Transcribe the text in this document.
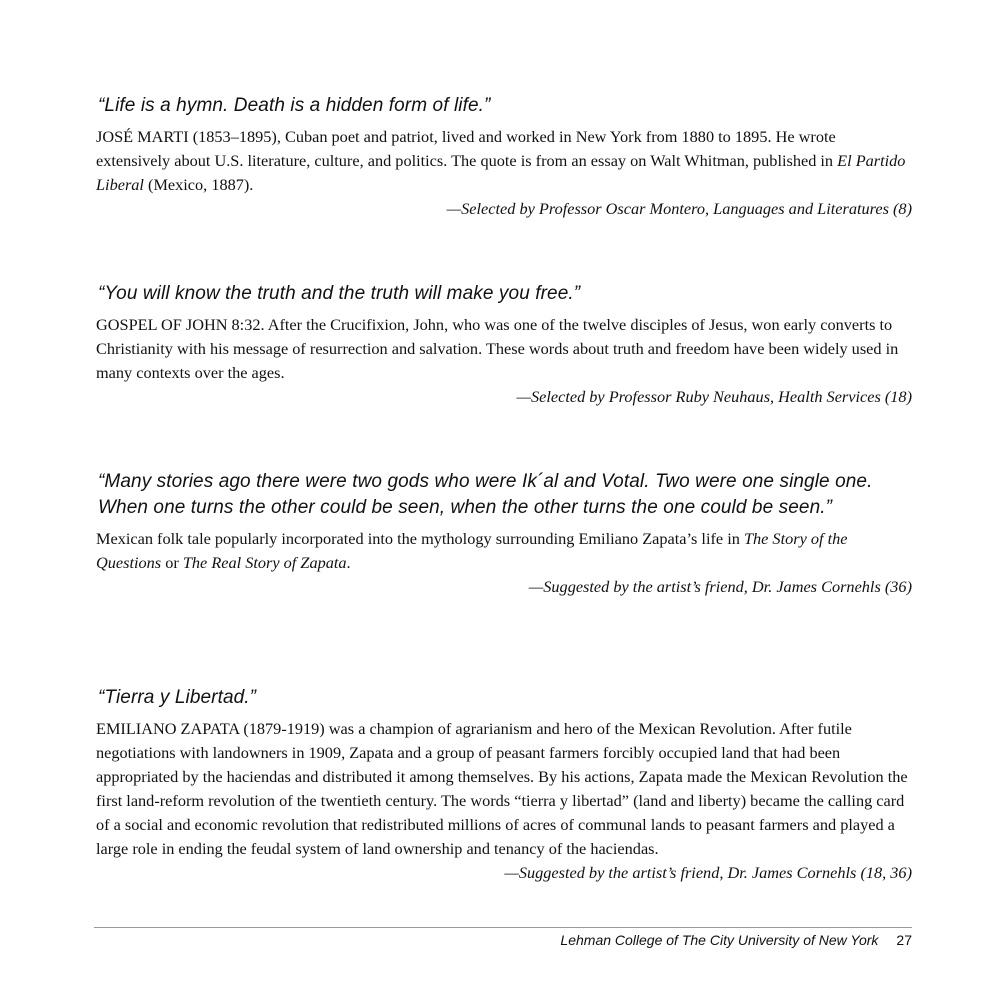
“Life is a hymn. Death is a hidden form of life.”

JOSÉ MARTI (1853–1895), Cuban poet and patriot, lived and worked in New York from 1880 to 1895. He wrote extensively about U.S. literature, culture, and politics. The quote is from an essay on Walt Whitman, published in El Partido Liberal (Mexico, 1887).

—Selected by Professor Oscar Montero, Languages and Literatures (8)

“You will know the truth and the truth will make you free.”

GOSPEL OF JOHN 8:32. After the Crucifixion, John, who was one of the twelve disciples of Jesus, won early converts to Christianity with his message of resurrection and salvation. These words about truth and freedom have been widely used in many contexts over the ages.

—Selected by Professor Ruby Neuhaus, Health Services (18)

“Many stories ago there were two gods who were Ik´al and Votal. Two were one single one. When one turns the other could be seen, when the other turns the one could be seen.”

Mexican folk tale popularly incorporated into the mythology surrounding Emiliano Zapata’s life in The Story of the Questions or The Real Story of Zapata.

—Suggested by the artist’s friend, Dr. James Cornehls (36)

“Tierra y Libertad.”

EMILIANO ZAPATA (1879-1919) was a champion of agrarianism and hero of the Mexican Revolution. After futile negotiations with landowners in 1909, Zapata and a group of peasant farmers forcibly occupied land that had been appropriated by the haciendas and distributed it among themselves. By his actions, Zapata made the Mexican Revolution the first land-reform revolution of the twentieth century. The words “tierra y libertad” (land and liberty) became the calling card of a social and economic revolution that redistributed millions of acres of communal lands to peasant farmers and played a large role in ending the feudal system of land ownership and tenancy of the haciendas.

—Suggested by the artist’s friend, Dr. James Cornehls (18, 36)

Lehman College of The City University of New York 27
